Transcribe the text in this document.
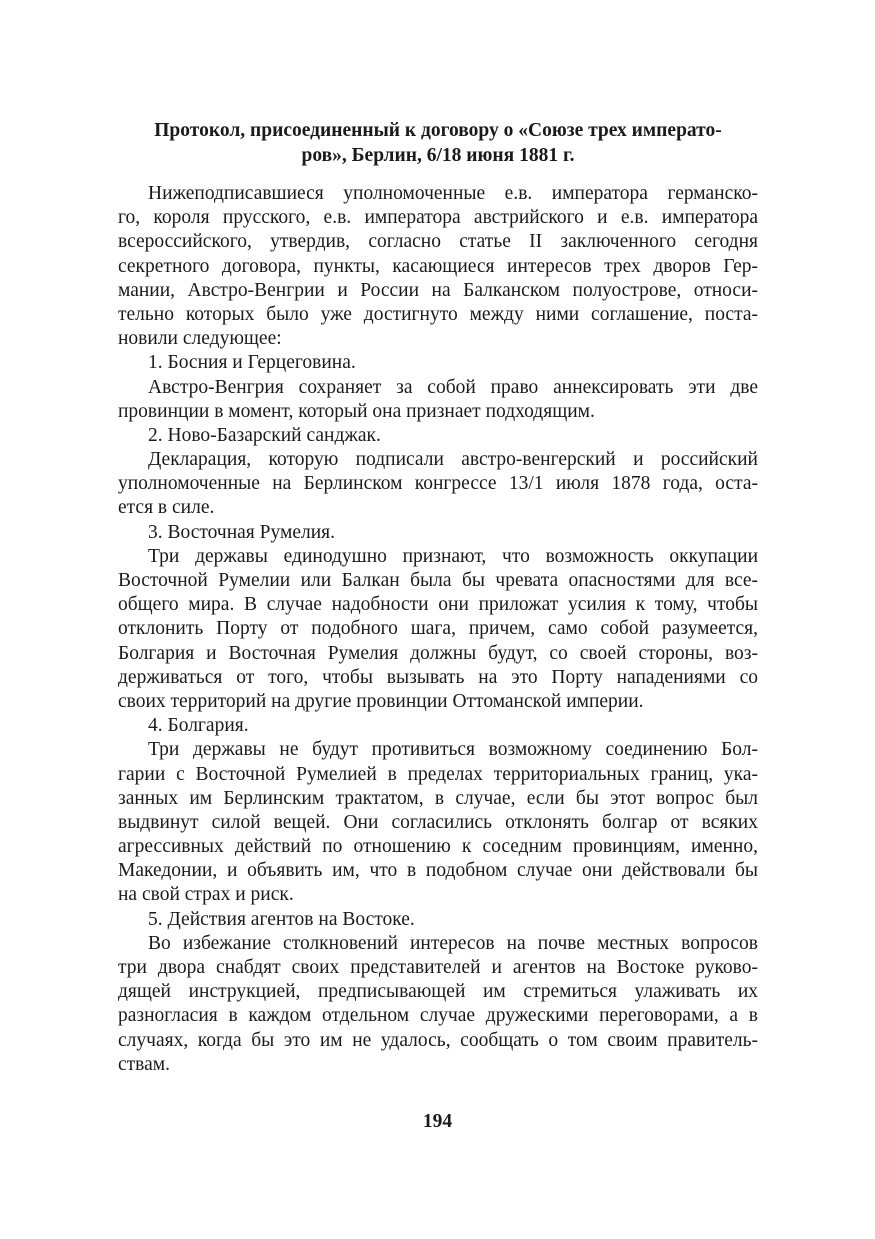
Протокол, присоединенный к договору о «Союзе трех императо-
ров», Берлин, 6/18 июня 1881 г.
Нижеподписавшиеся уполномоченные е.в. императора германско-
го, короля прусского, е.в. императора австрийского и е.в. императора
всероссийского, утвердив, согласно статье II заключенного сегодня
секретного договора, пункты, касающиеся интересов трех дворов Гер-
мании, Австро-Венгрии и России на Балканском полуострове, относи-
тельно которых было уже достигнуто между ними соглашение, поста-
новили следующее:
1. Босния и Герцеговина.
Австро-Венгрия сохраняет за собой право аннексировать эти две
провинции в момент, который она признает подходящим.
2. Ново-Базарский санджак.
Декларация, которую подписали австро-венгерский и российский
уполномоченные на Берлинском конгрессе 13/1 июля 1878 года, оста-
ется в силе.
3. Восточная Румелия.
Три державы единодушно признают, что возможность оккупации
Восточной Румелии или Балкан была бы чревата опасностями для все-
общего мира. В случае надобности они приложат усилия к тому, чтобы
отклонить Порту от подобного шага, причем, само собой разумеется,
Болгария и Восточная Румелия должны будут, со своей стороны, воз-
держиваться от того, чтобы вызывать на это Порту нападениями со
своих территорий на другие провинции Оттоманской империи.
4. Болгария.
Три державы не будут противиться возможному соединению Бол-
гарии с Восточной Румелией в пределах территориальных границ, ука-
занных им Берлинским трактатом, в случае, если бы этот вопрос был
выдвинут силой вещей. Они согласились отклонять болгар от всяких
агрессивных действий по отношению к соседним провинциям, именно,
Македонии, и объявить им, что в подобном случае они действовали бы
на свой страх и риск.
5. Действия агентов на Востоке.
Во избежание столкновений интересов на почве местных вопросов
три двора снабдят своих представителей и агентов на Востоке руково-
дящей инструкцией, предписывающей им стремиться улаживать их
разногласия в каждом отдельном случае дружескими переговорами, а в
случаях, когда бы это им не удалось, сообщать о том своим правитель-
ствам.
194
